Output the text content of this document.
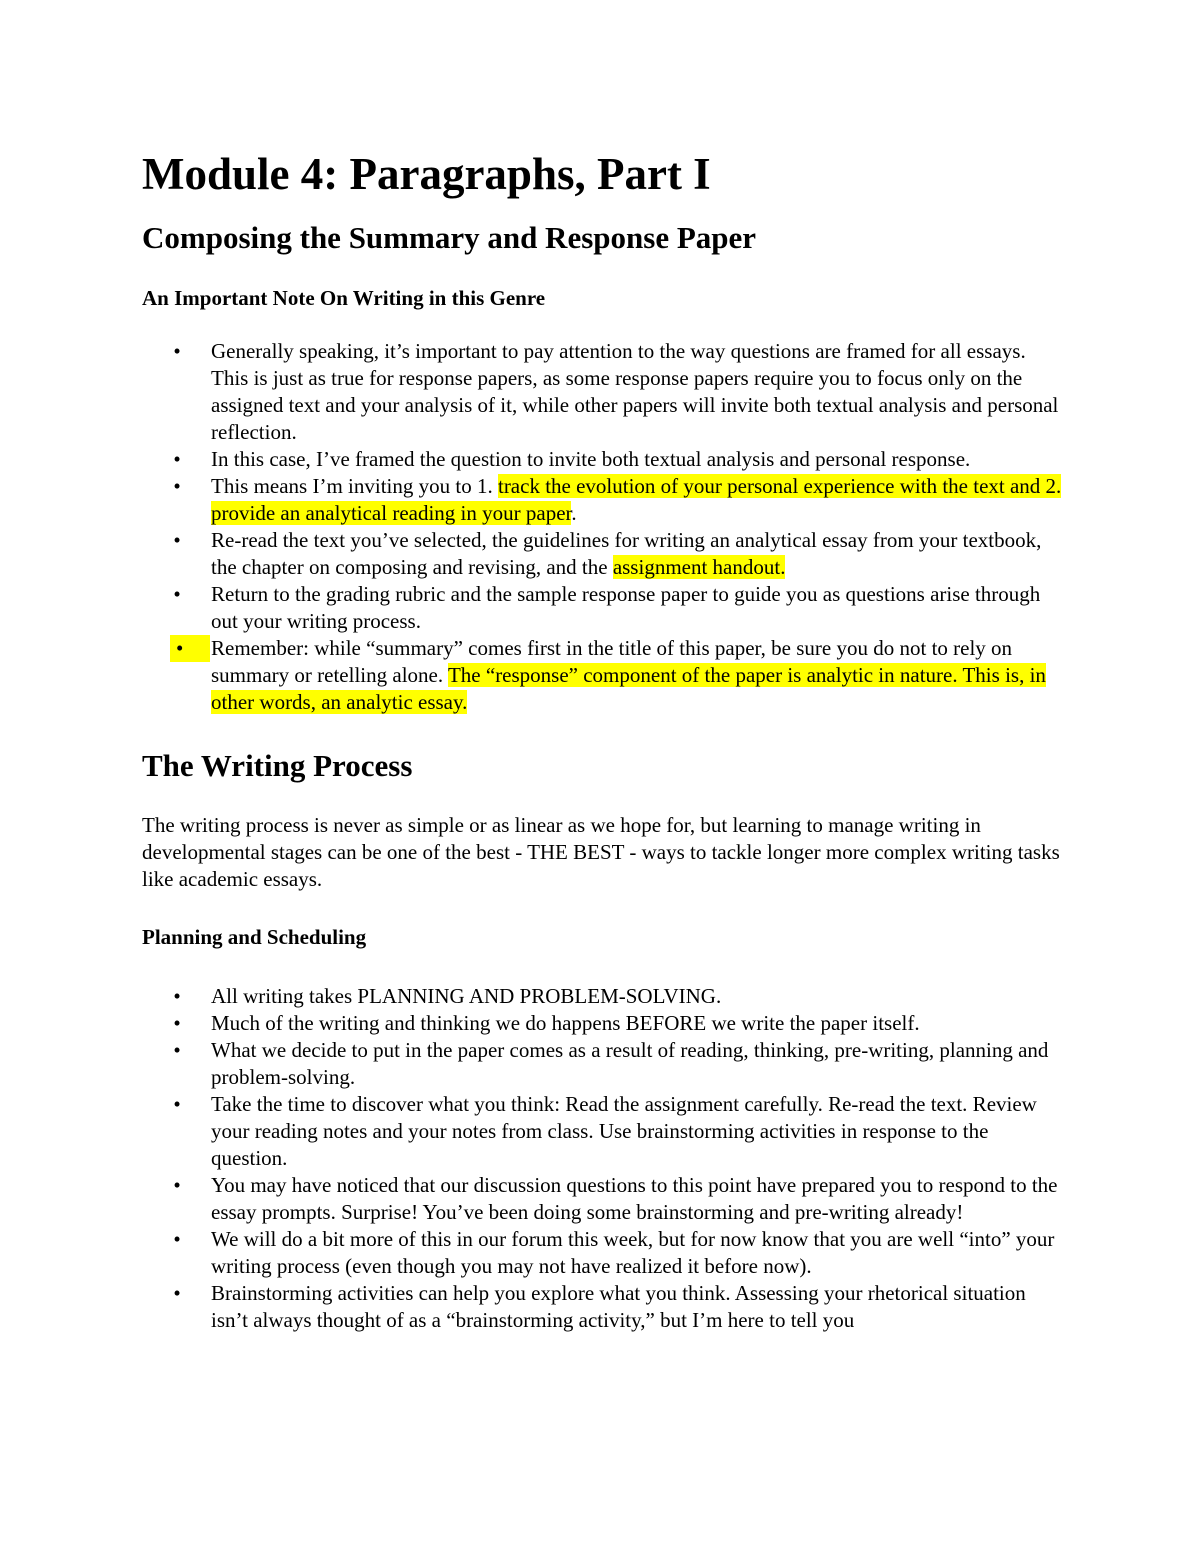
Module 4: Paragraphs, Part I
Composing the Summary and Response Paper
An Important Note On Writing in this Genre
• Generally speaking, it’s important to pay attention to the way questions are framed for all essays. This is just as true for response papers, as some response papers require you to focus only on the assigned text and your analysis of it, while other papers will invite both textual analysis and personal reflection.
• In this case, I’ve framed the question to invite both textual analysis and personal response.
• This means I’m inviting you to 1. track the evolution of your personal experience with the text and 2. provide an analytical reading in your paper.
• Re-read the text you’ve selected, the guidelines for writing an analytical essay from your textbook, the chapter on composing and revising, and the assignment handout.
• Return to the grading rubric and the sample response paper to guide you as questions arise through out your writing process.
•	Remember: while “summary” comes first in the title of this paper, be sure you do not to rely on summary or retelling alone. The “response” component of the paper is analytic in nature. This is, in other words, an analytic essay.
The Writing Process

The writing process is never as simple or as linear as we hope for, but learning to manage writing in developmental stages can be one of the best - THE BEST - ways to tackle longer more complex writing tasks like academic essays.

Planning and Scheduling
• All writing takes PLANNING AND PROBLEM-SOLVING.
• Much of the writing and thinking we do happens BEFORE we write the paper itself.
• What we decide to put in the paper comes as a result of reading, thinking, pre-writing, planning and problem-solving.
• Take the time to discover what you think: Read the assignment carefully. Re-read the text. Review your reading notes and your notes from class. Use brainstorming activities in response to the question.
• You may have noticed that our discussion questions to this point have prepared you to respond to the essay prompts. Surprise! You’ve been doing some brainstorming and pre-writing already!
• We will do a bit more of this in our forum this week, but for now know that you are well “into” your writing process (even though you may not have realized it before now).
• Brainstorming activities can help you explore what you think. Assessing your rhetorical situation isn’t always thought of as a “brainstorming activity,” but I’m here to tell you
